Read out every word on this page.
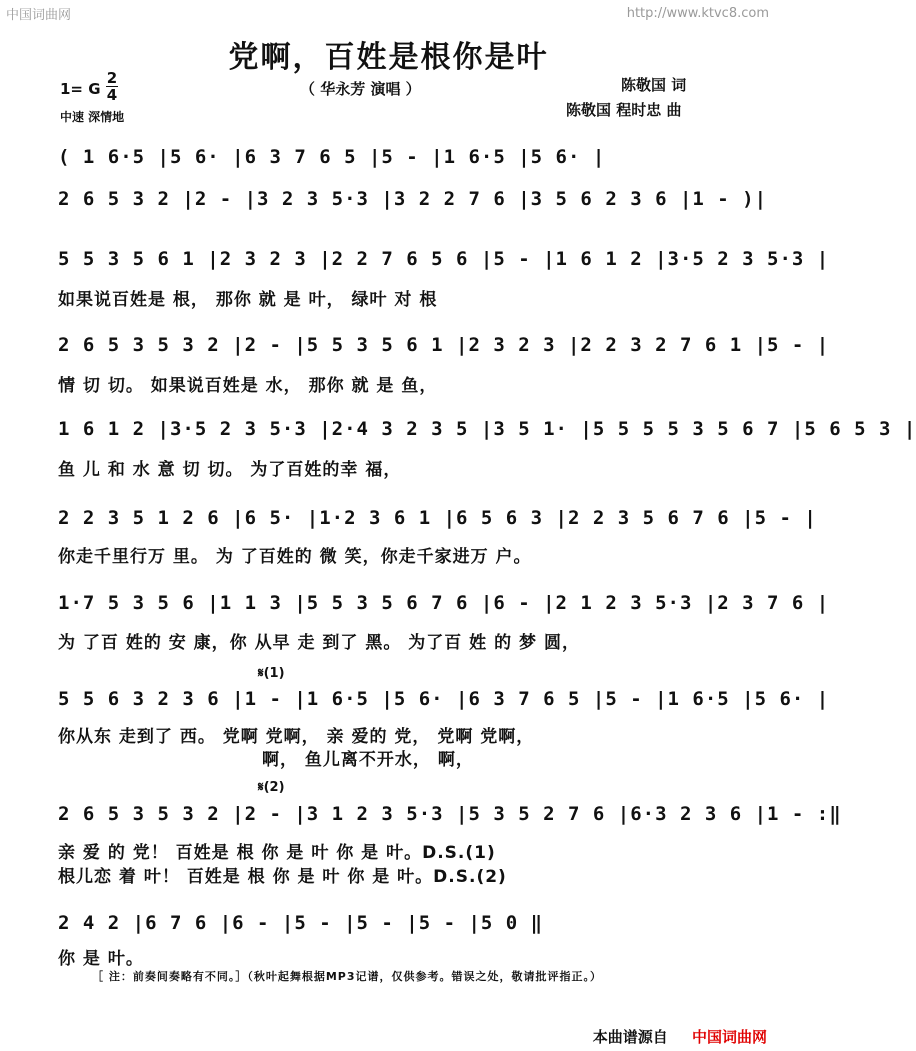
中国词曲网	http://www.ktvc8.com
党啊，百姓是根你是叶
（ 华永芳 演唱 ）	陈敬国 词
陈敬国 程时忠 曲
1= G
2
4
中速 深情地
( 1 6·5 |5 6· |6 3 7 6 5 |5 - |1 6·5 |5 6· |
2 6 5 3 2 |2 - |3 2 3 5·3 |3 2 2 7 6 |3 5 6 2 3 6 |1 - )|
5 5 3 5 6 1 |2 3 2 3 |2 2 7 6 5 6 |5 - |1 6 1 2 |3·5 2 3 5·3 |
如果说百姓是 根， 那你 就 是 叶， 绿叶 对 根
2 6 5 3 5 3 2 |2 - |5 5 3 5 6 1 |2 3 2 3 |2 2 3 2 7 6 1 |5 - |
情 切 切。 如果说百姓是 水， 那你 就 是 鱼，
1 6 1 2 |3·5 2 3 5·3 |2·4 3 2 3 5 |3 5 1· |5 5 5 5 3 5 6 7 |5 6 5 3 |
鱼 儿 和 水 意 切 切。 为了百姓的幸 福，
2 2 3 5 1 2 6 |6 5· |1·2 3 6 1 |6 5 6 3 |2 2 3 5 6 7 6 |5 - |
你走千里行万 里。 为 了百姓的 微 笑，你走千家进万 户。
1·7 5 3 5 6 |1 1 3 |5 5 3 5 6 7 6 |6 - |2 1 2 3 5·3 |2 3 7 6 |
为 了百 姓的 安 康，你 从早 走 到了 黑。 为了百 姓 的 梦 圆，
𝄋(1)
5 5 6 3 2 3 6 |1 - |1 6·5 |5 6· |6 3 7 6 5 |5 - |1 6·5 |5 6· |
你从东 走到了 西。 党啊 党啊， 亲 爱的 党， 党啊 党啊，
啊， 鱼儿离不开水， 啊，
𝄋(2)
2 6 5 3 5 3 2 |2 - |3 1 2 3 5·3 |5 3 5 2 7 6 |6·3 2 3 6 |1 - :‖
亲 爱 的 党！ 百姓是 根 你 是 叶 你 是 叶。D.S.(1)
根儿恋 着 叶！ 百姓是 根 你 是 叶 你 是 叶。D.S.(2)
2 4 2 |6 7 6 |6 - |5 - |5 - |5 - |5 0 ‖
你 是 叶。
［ 注：前奏间奏略有不同。］（秋叶起舞根据MP3记谱，仅供参考。错误之处，敬请批评指正。）
本曲谱源自 中国词曲网
